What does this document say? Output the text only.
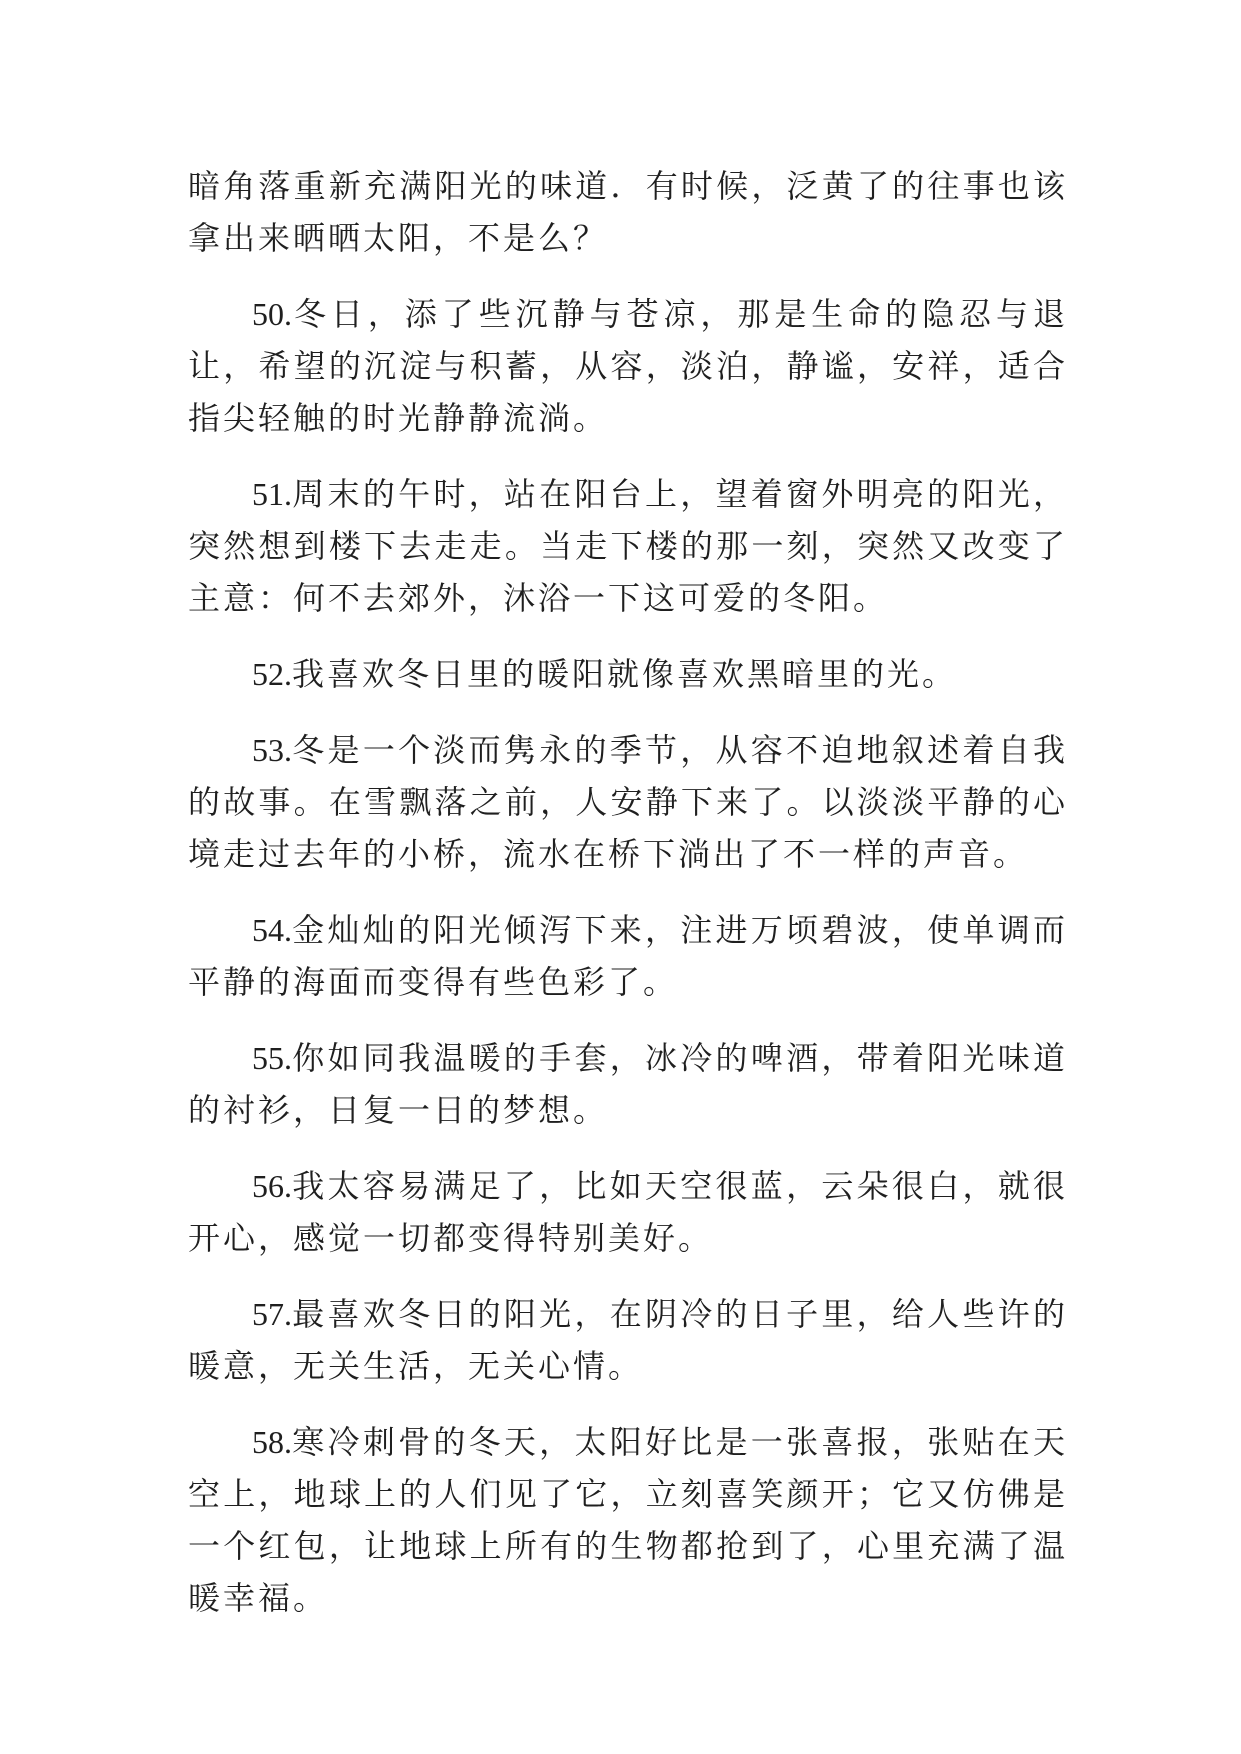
暗角落重新充满阳光的味道．有时候，泛黄了的往事也该拿出来晒晒太阳，不是么？

50.冬日，添了些沉静与苍凉，那是生命的隐忍与退让，希望的沉淀与积蓄，从容，淡泊，静谧，安祥，适合指尖轻触的时光静静流淌。

51.周末的午时，站在阳台上，望着窗外明亮的阳光，突然想到楼下去走走。当走下楼的那一刻，突然又改变了主意：何不去郊外，沐浴一下这可爱的冬阳。

52.我喜欢冬日里的暖阳就像喜欢黑暗里的光。

53.冬是一个淡而隽永的季节，从容不迫地叙述着自我的故事。在雪飘落之前，人安静下来了。以淡淡平静的心境走过去年的小桥，流水在桥下淌出了不一样的声音。

54.金灿灿的阳光倾泻下来，注进万顷碧波，使单调而平静的海面而变得有些色彩了。

55.你如同我温暖的手套，冰冷的啤酒，带着阳光味道的衬衫，日复一日的梦想。

56.我太容易满足了，比如天空很蓝，云朵很白，就很开心，感觉一切都变得特别美好。

57.最喜欢冬日的阳光，在阴冷的日子里，给人些许的暖意，无关生活，无关心情。

58.寒冷刺骨的冬天，太阳好比是一张喜报，张贴在天空上，地球上的人们见了它，立刻喜笑颜开；它又仿佛是一个红包，让地球上所有的生物都抢到了，心里充满了温暖幸福。
